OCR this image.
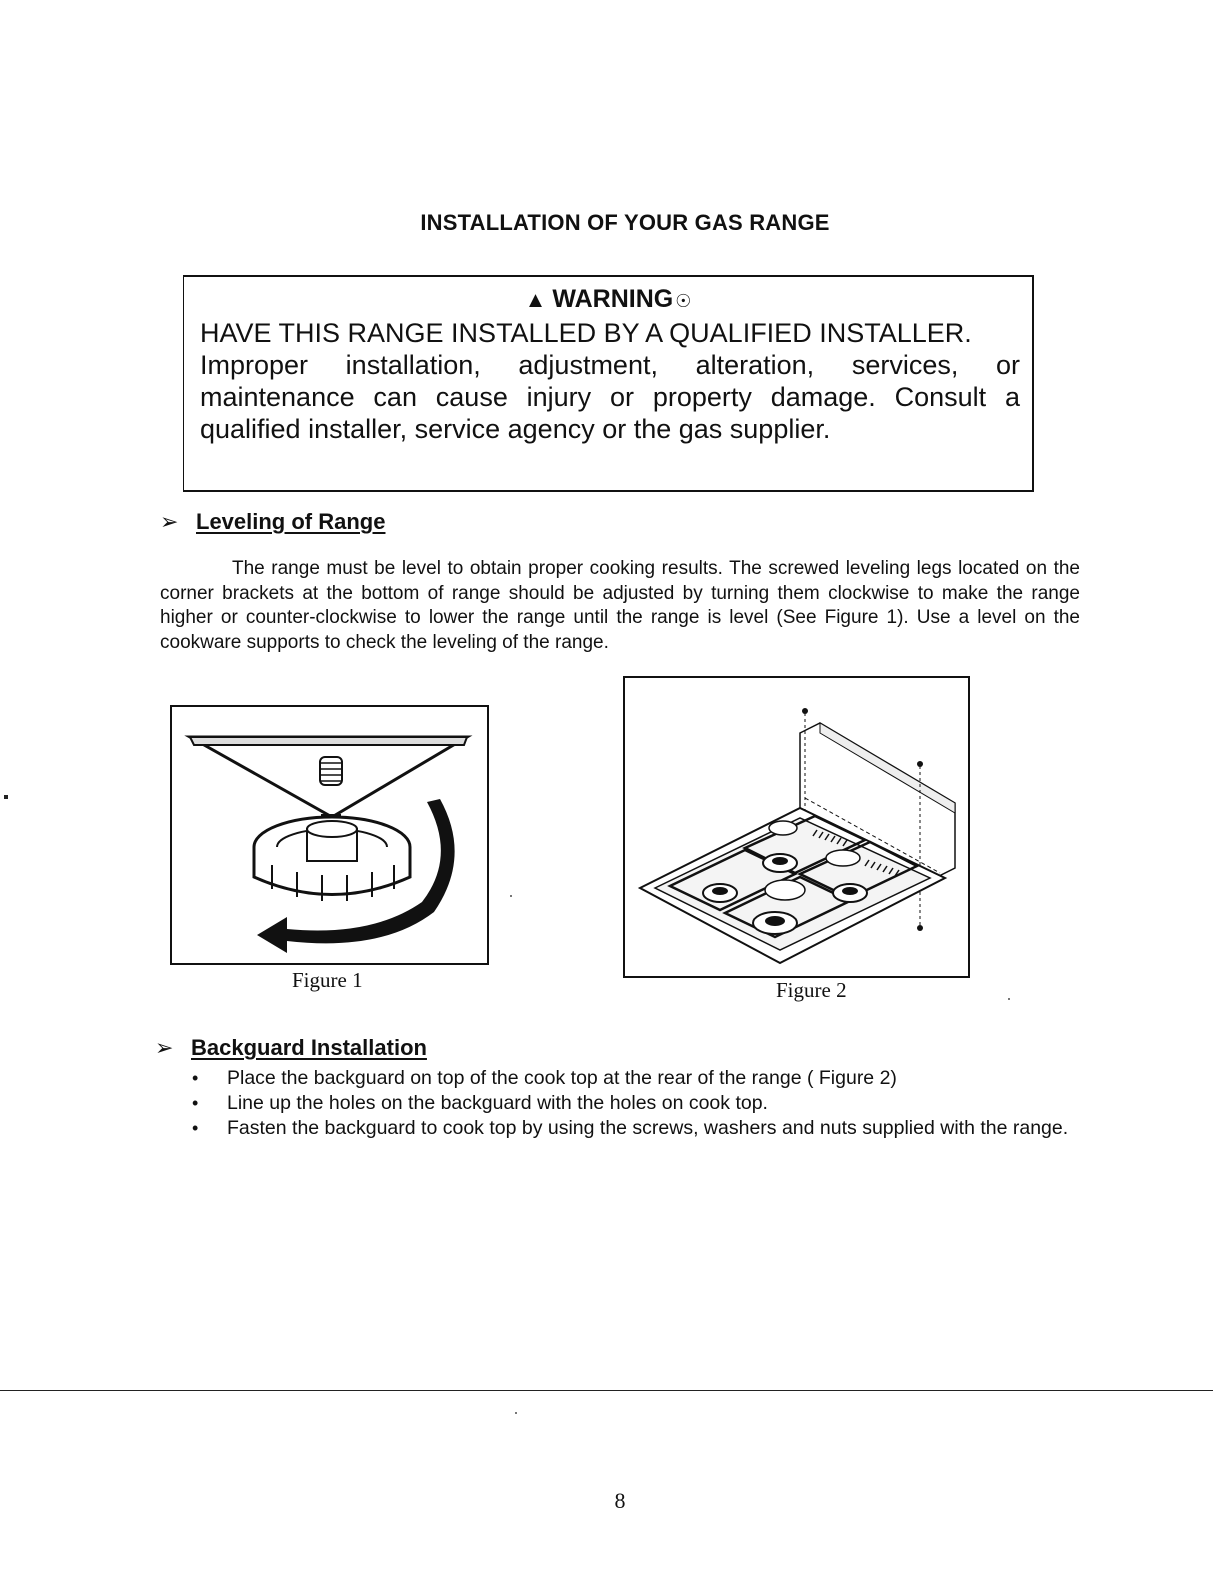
INSTALLATION OF YOUR GAS RANGE
▲ WARNING ☉
HAVE THIS RANGE INSTALLED BY A QUALIFIED INSTALLER.
Improper installation, adjustment, alteration, services, or maintenance can cause injury or property damage. Consult a qualified installer, service agency or the gas supplier.
➢ Leveling of Range
The range must be level to obtain proper cooking results. The screwed leveling legs located on the corner brackets at the bottom of range should be adjusted by turning them clockwise to make the range higher or counter-clockwise to lower the range until the range is level (See Figure 1). Use a level on the cookware supports to check the leveling of the range.
Figure 1	Figure 2
➢ Backguard Installation
• Place the backguard on top of the cook top at the rear of the range ( Figure 2)
• Line up the holes on the backguard with the holes on cook top.
• Fasten the backguard to cook top by using the screws, washers and nuts supplied with the range.
8
